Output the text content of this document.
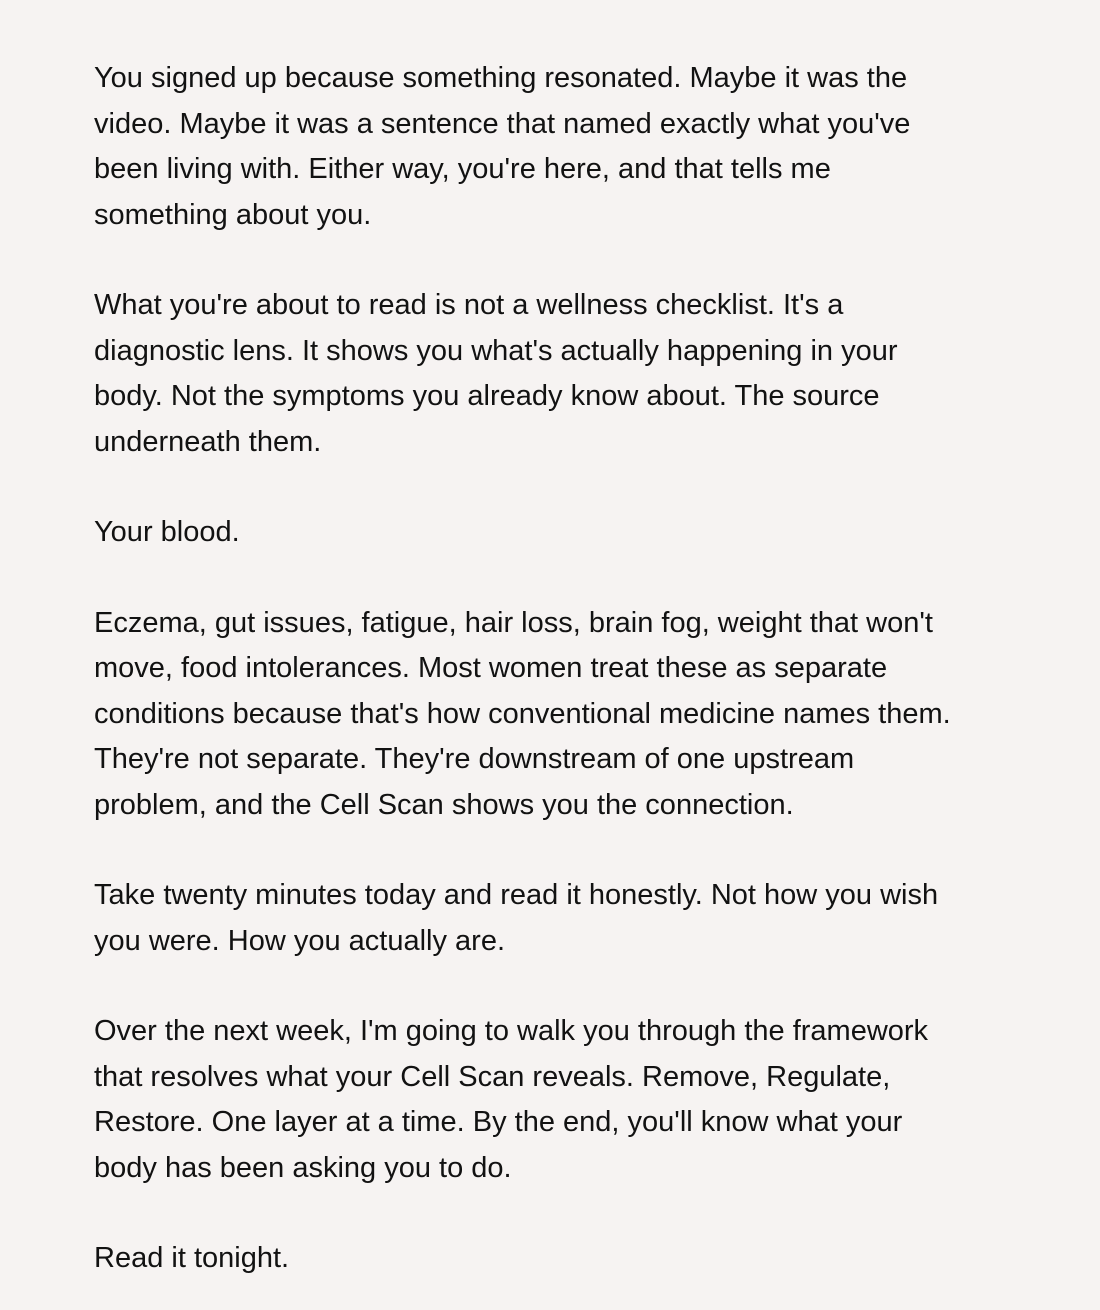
You signed up because something resonated. Maybe it was the
video. Maybe it was a sentence that named exactly what you've
been living with. Either way, you're here, and that tells me
something about you.

What you're about to read is not a wellness checklist. It's a
diagnostic lens. It shows you what's actually happening in your
body. Not the symptoms you already know about. The source
underneath them.

Your blood.

Eczema, gut issues, fatigue, hair loss, brain fog, weight that won't
move, food intolerances. Most women treat these as separate
conditions because that's how conventional medicine names them.
They're not separate. They're downstream of one upstream
problem, and the Cell Scan shows you the connection.

Take twenty minutes today and read it honestly. Not how you wish
you were. How you actually are.

Over the next week, I'm going to walk you through the framework
that resolves what your Cell Scan reveals. Remove, Regulate,
Restore. One layer at a time. By the end, you'll know what your
body has been asking you to do.

Read it tonight.
